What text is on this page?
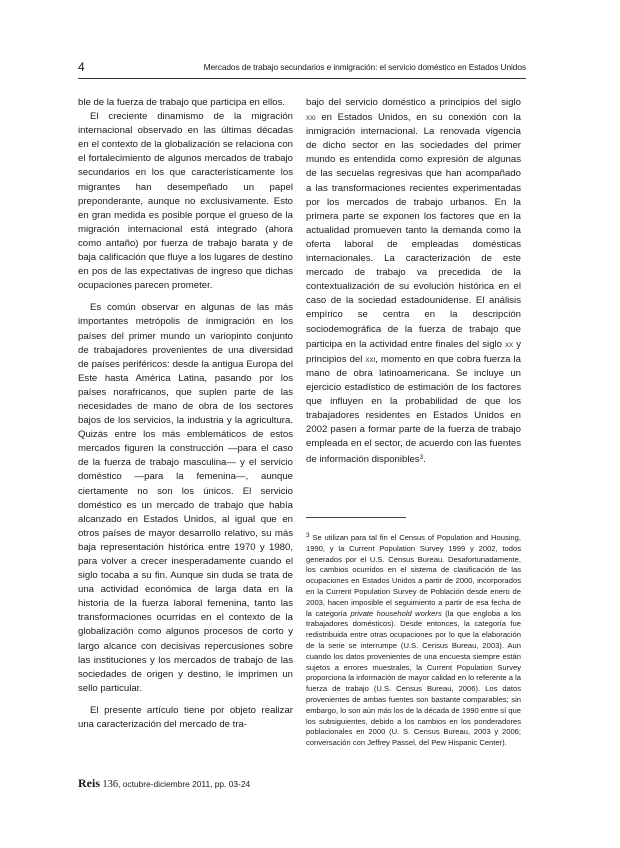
4	Mercados de trabajo secundarios e inmigración: el servicio doméstico en Estados Unidos

ble de la fuerza de trabajo que participa en ellos.

El creciente dinamismo de la migración internacional observado en las últimas décadas en el contexto de la globalización se relaciona con el fortalecimiento de algunos mercados de trabajo secundarios en los que característicamente los migrantes han desempeñado un papel preponderante, aunque no exclusivamente. Esto en gran medida es posible porque el grueso de la migración internacional está integrado (ahora como antaño) por fuerza de trabajo barata y de baja calificación que fluye a los lugares de destino en pos de las expectativas de ingreso que dichas ocupaciones parecen prometer.

Es común observar en algunas de las más importantes metrópolis de inmigración en los países del primer mundo un variopinto conjunto de trabajadores provenientes de una diversidad de países periféricos: desde la antigua Europa del Este hasta América Latina, pasando por los países norafricanos, que suplen parte de las necesidades de mano de obra de los sectores bajos de los servicios, la industria y la agricultura. Quizás entre los más emblemáticos de estos mercados figuren la construcción —para el caso de la fuerza de trabajo masculina— y el servicio doméstico —para la femenina—, aunque ciertamente no son los únicos. El servicio doméstico es un mercado de trabajo que había alcanzado en Estados Unidos, al igual que en otros países de mayor desarrollo relativo, su más baja representación histórica entre 1970 y 1980, para volver a crecer inesperadamente cuando el siglo tocaba a su fin. Aunque sin duda se trata de una actividad económica de larga data en la historia de la fuerza laboral femenina, tanto las transformaciones ocurridas en el contexto de la globalización como algunos procesos de corto y largo alcance con decisivas repercusiones sobre las instituciones y los mercados de trabajo de las sociedades de origen y destino, le imprimen un sello particular.

El presente artículo tiene por objeto realizar una caracterización del mercado de tra-

bajo del servicio doméstico a principios del siglo xxi en Estados Unidos, en su conexión con la inmigración internacional. La renovada vigencia de dicho sector en las sociedades del primer mundo es entendida como expresión de algunas de las secuelas regresivas que han acompañado a las transformaciones recientes experimentadas por los mercados de trabajo urbanos. En la primera parte se exponen los factores que en la actualidad promueven tanto la demanda como la oferta laboral de empleadas domésticas internacionales. La caracterización de este mercado de trabajo va precedida de la contextualización de su evolución histórica en el caso de la sociedad estadounidense. El análisis empírico se centra en la descripción sociodemográfica de la fuerza de trabajo que participa en la actividad entre finales del siglo xx y principios del xxi, momento en que cobra fuerza la mano de obra latinoamericana. Se incluye un ejercicio estadístico de estimación de los factores que influyen en la probabilidad de que los trabajadores residentes en Estados Unidos en 2002 pasen a formar parte de la fuerza de trabajo empleada en el sector, de acuerdo con las fuentes de información disponibles$^3$.

3 Se utilizan para tal fin el Census of Population and Housing, 1990, y la Current Population Survey 1999 y 2002, todos generados por el U.S. Census Bureau. Desafortunadamente, los cambios ocurridos en el sistema de clasificación de las ocupaciones en Estados Unidos a partir de 2000, incorporados en la Current Population Survey de Población desde enero de 2003, hacen imposible el seguimiento a partir de esa fecha de la categoría private household workers (la que engloba a los trabajadores domésticos). Desde entonces, la categoría fue redistribuida entre otras ocupaciones por lo que la elaboración de la serie se interrumpe (U.S. Census Bureau, 2003). Aun cuando los datos provenientes de una encuesta siempre están sujetos a errores muestrales, la Current Population Survey proporciona la información de mayor calidad en lo referente a la fuerza de trabajo (U.S. Census Bureau, 2006). Los datos provenientes de ambas fuentes son bastante comparables; sin embargo, lo son aún más los de la década de 1990 entre sí que los subsiguientes, debido a los cambios en los ponderadores poblacionales en 2000 (U. S. Census Bureau, 2003 y 2006; conversación con Jeffrey Passel, del Pew Hispanic Center).

Reis 136, octubre-diciembre 2011, pp. 03-24
